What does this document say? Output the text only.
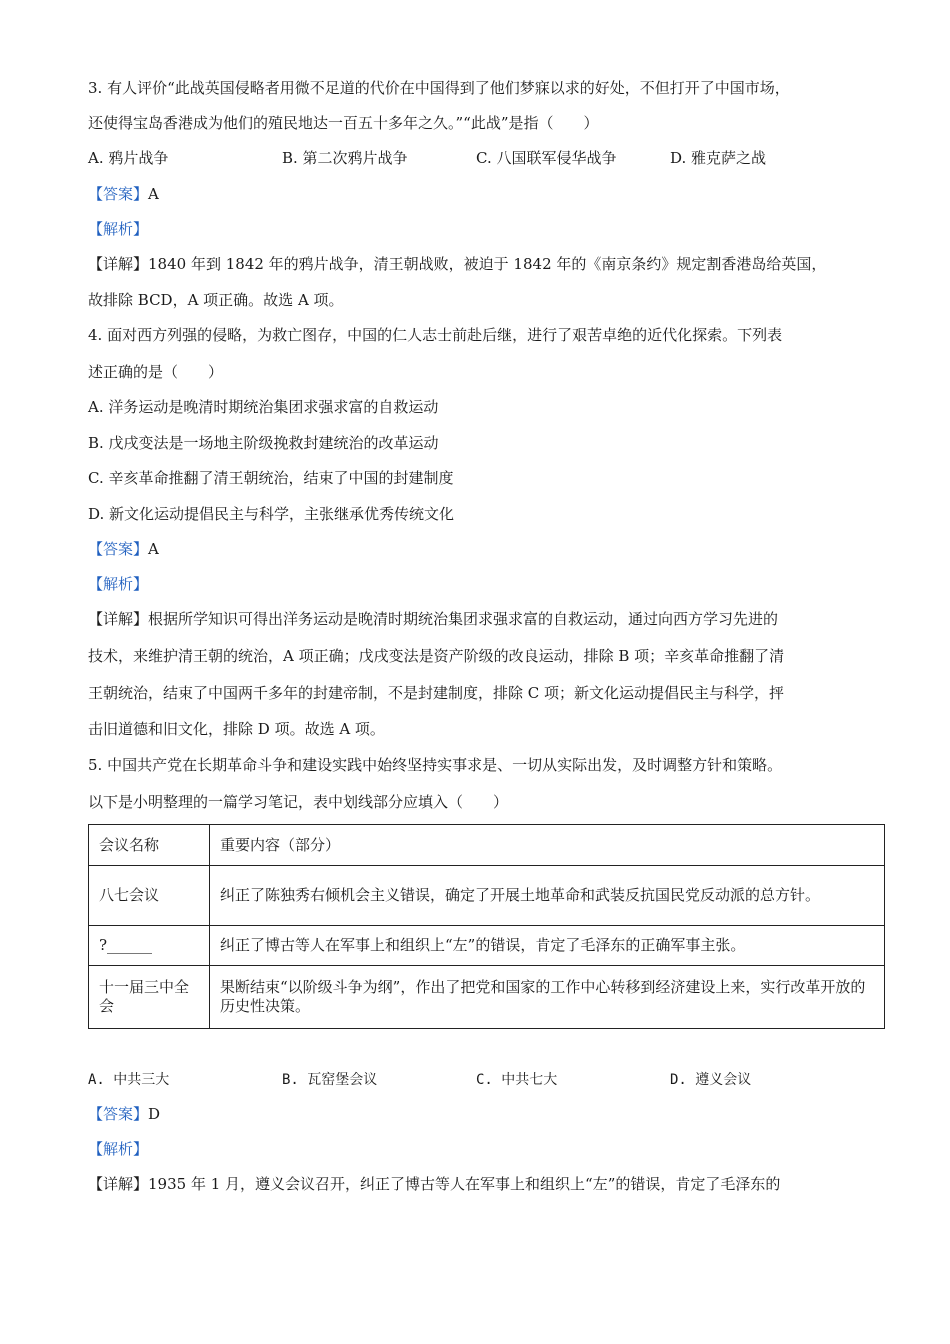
3. 有人评价“此战英国侵略者用微不足道的代价在中国得到了他们梦寐以求的好处，不但打开了中国市场，
还使得宝岛香港成为他们的殖民地达一百五十多年之久。”“此战”是指（　　）
A. 鸦片战争	B. 第二次鸦片战争	C. 八国联军侵华战争	D. 雅克萨之战
【答案】A
【解析】
【详解】1840 年到 1842 年的鸦片战争，清王朝战败，被迫于 1842 年的《南京条约》规定割香港岛给英国，
故排除 BCD，A 项正确。故选 A 项。
4. 面对西方列强的侵略，为救亡图存，中国的仁人志士前赴后继，进行了艰苦卓绝的近代化探索。下列表
述正确的是（　　）
A. 洋务运动是晚清时期统治集团求强求富的自救运动
B. 戊戌变法是一场地主阶级挽救封建统治的改革运动
C. 辛亥革命推翻了清王朝统治，结束了中国的封建制度
D. 新文化运动提倡民主与科学，主张继承优秀传统文化
【答案】A
【解析】
【详解】根据所学知识可得出洋务运动是晚清时期统治集团求强求富的自救运动，通过向西方学习先进的
技术，来维护清王朝的统治，A 项正确；戊戌变法是资产阶级的改良运动，排除 B 项；辛亥革命推翻了清
王朝统治，结束了中国两千多年的封建帝制，不是封建制度，排除 C 项；新文化运动提倡民主与科学，抨
击旧道德和旧文化，排除 D 项。故选 A 项。
5. 中国共产党在长期革命斗争和建设实践中始终坚持实事求是、一切从实际出发，及时调整方针和策略。
以下是小明整理的一篇学习笔记，表中划线部分应填入（　　）
会议名称	重要内容（部分）
八七会议	纠正了陈独秀右倾机会主义错误，确定了开展土地革命和武装反抗国民党反动派的总方针。
?______	纠正了博古等人在军事上和组织上“左”的错误，肯定了毛泽东的正确军事主张。
十一届三中全会	果断结束“以阶级斗争为纲”，作出了把党和国家的工作中心转移到经济建设上来，实行改革开放的历史性决策。
A. 中共三大	B. 瓦窑堡会议	C. 中共七大	D. 遵义会议
【答案】D
【解析】
【详解】1935 年 1 月，遵义会议召开，纠正了博古等人在军事上和组织上“左”的错误，肯定了毛泽东的
